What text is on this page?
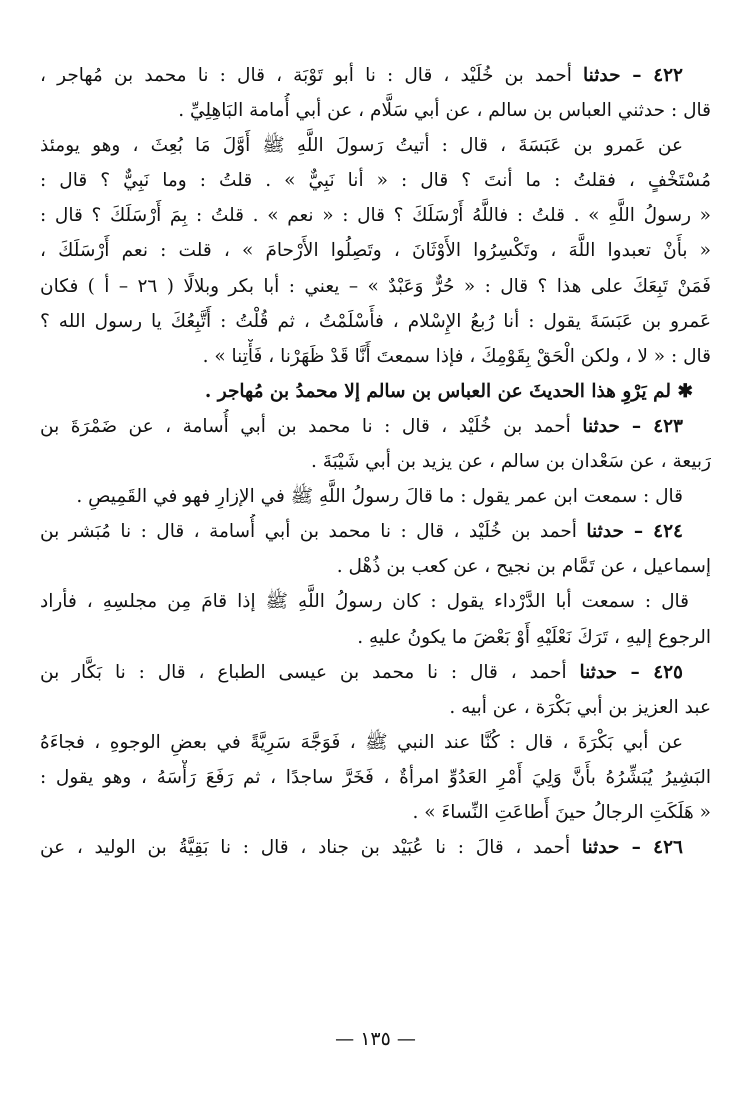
٤٢٢ – حدثنا أحمد بن خُلَيْد ، قال : نا أبو تَوْبَة ، قال : نا محمد بن مُهاجر ،
قال : حدثني العباس بن سالم ، عن أبي سَلَّام ، عن أبي أُمامة البَاهِلِيِّ .
عن عَمرو بن عَبَسَةَ ، قال : أتيتُ رَسولَ اللَّهِ ﷺ أَوَّلَ مَا بُعِثَ ، وهو يومئذ
مُسْتَخْفٍ ، فقلتُ : ما أنتَ ؟ قال : « أنا نَبِيٌّ » . قلتُ : وما نَبِيٌّ ؟ قال :
« رسولُ اللَّهِ » . قلتُ : فاللَّهُ أَرْسَلَكَ ؟ قال : « نعم » . قلتُ : بِمَ أَرْسَلَكَ ؟ قال :
« بأَنْ تعبدوا اللَّهَ ، وتَكْسِرُوا الأَوْثَانَ ، وتَصِلُوا الأَرْحامَ » ، قلت : نعم أَرْسَلَكَ ،
فَمَنْ تَبِعَكَ على هذا ؟ قال : « حُرٌّ وَعَبْدٌ » – يعني : أبا بكر وبلالًا ( ٢٦ – أ ) فكان
عَمرو بن عَبَسَةَ يقول : أنا رُبعُ الإِسْلام ، فأَسْلَمْتُ ، ثم قُلْتُ : أَتَّبِعُكَ يا رسول الله ؟
قال : « لا ، ولكن الْحَقْ بِقَوْمِكَ ، فإذا سمعتَ أَنَّا قَدْ ظَهَرْنا ، فَأْتِنا » .
✱ لم يَرْوِ هذا الحديثَ عن العباس بن سالم إلا محمدُ بن مُهاجر .
٤٢٣ – حدثنا أحمد بن خُلَيْد ، قال : نا محمد بن أبي أُسامة ، عن ضَمْرَةَ بن
رَبيعة ، عن سَعْدان بن سالم ، عن يزيد بن أبي شَيْبَةَ .
قال : سمعت ابن عمر يقول : ما قالَ رسولُ اللَّهِ ﷺ في الإزارِ فهو في القَمِيصِ .
٤٢٤ – حدثنا أحمد بن خُلَيْد ، قال : نا محمد بن أبي أُسامة ، قال : نا مُبَشر بن
إسماعيل ، عن تَمَّام بن نجيح ، عن كعب بن ذُهْل .
قال : سمعت أبا الدَّرْداء يقول : كان رسولُ اللَّهِ ﷺ إذا قامَ مِن مجلسِهِ ، فأراد
الرجوع إليهِ ، تَرَكَ نَعْلَيْهِ أَوْ بَعْضَ ما يكونُ عليهِ .
٤٢٥ – حدثنا أحمد ، قال : نا محمد بن عيسى الطباع ، قال : نا بَكَّار بن
عبد العزيز بن أبي بَكْرَة ، عن أبيه .
عن أبي بَكْرَةَ ، قال : كُنَّا عند النبي ﷺ ، فَوَجَّهَ سَرِيَّةً في بعضِ الوجوهِ ، فجاءَهُ
البَشِيرُ يُبَشِّرُهُ بأَنَّ وَلِيَ أَمْرِ العَدُوِّ امرأةٌ ، فَخَرَّ ساجدًا ، ثم رَفَعَ رَأْسَهُ ، وهو يقول :
« هَلَكَتِ الرجالُ حينَ أَطاعَتِ النِّساءَ » .
٤٢٦ – حدثنا أحمد ، قالَ : نا عُبَيْد بن جناد ، قال : نا بَقِيَّةُ بن الوليد ، عن
— ١٣٥ —
